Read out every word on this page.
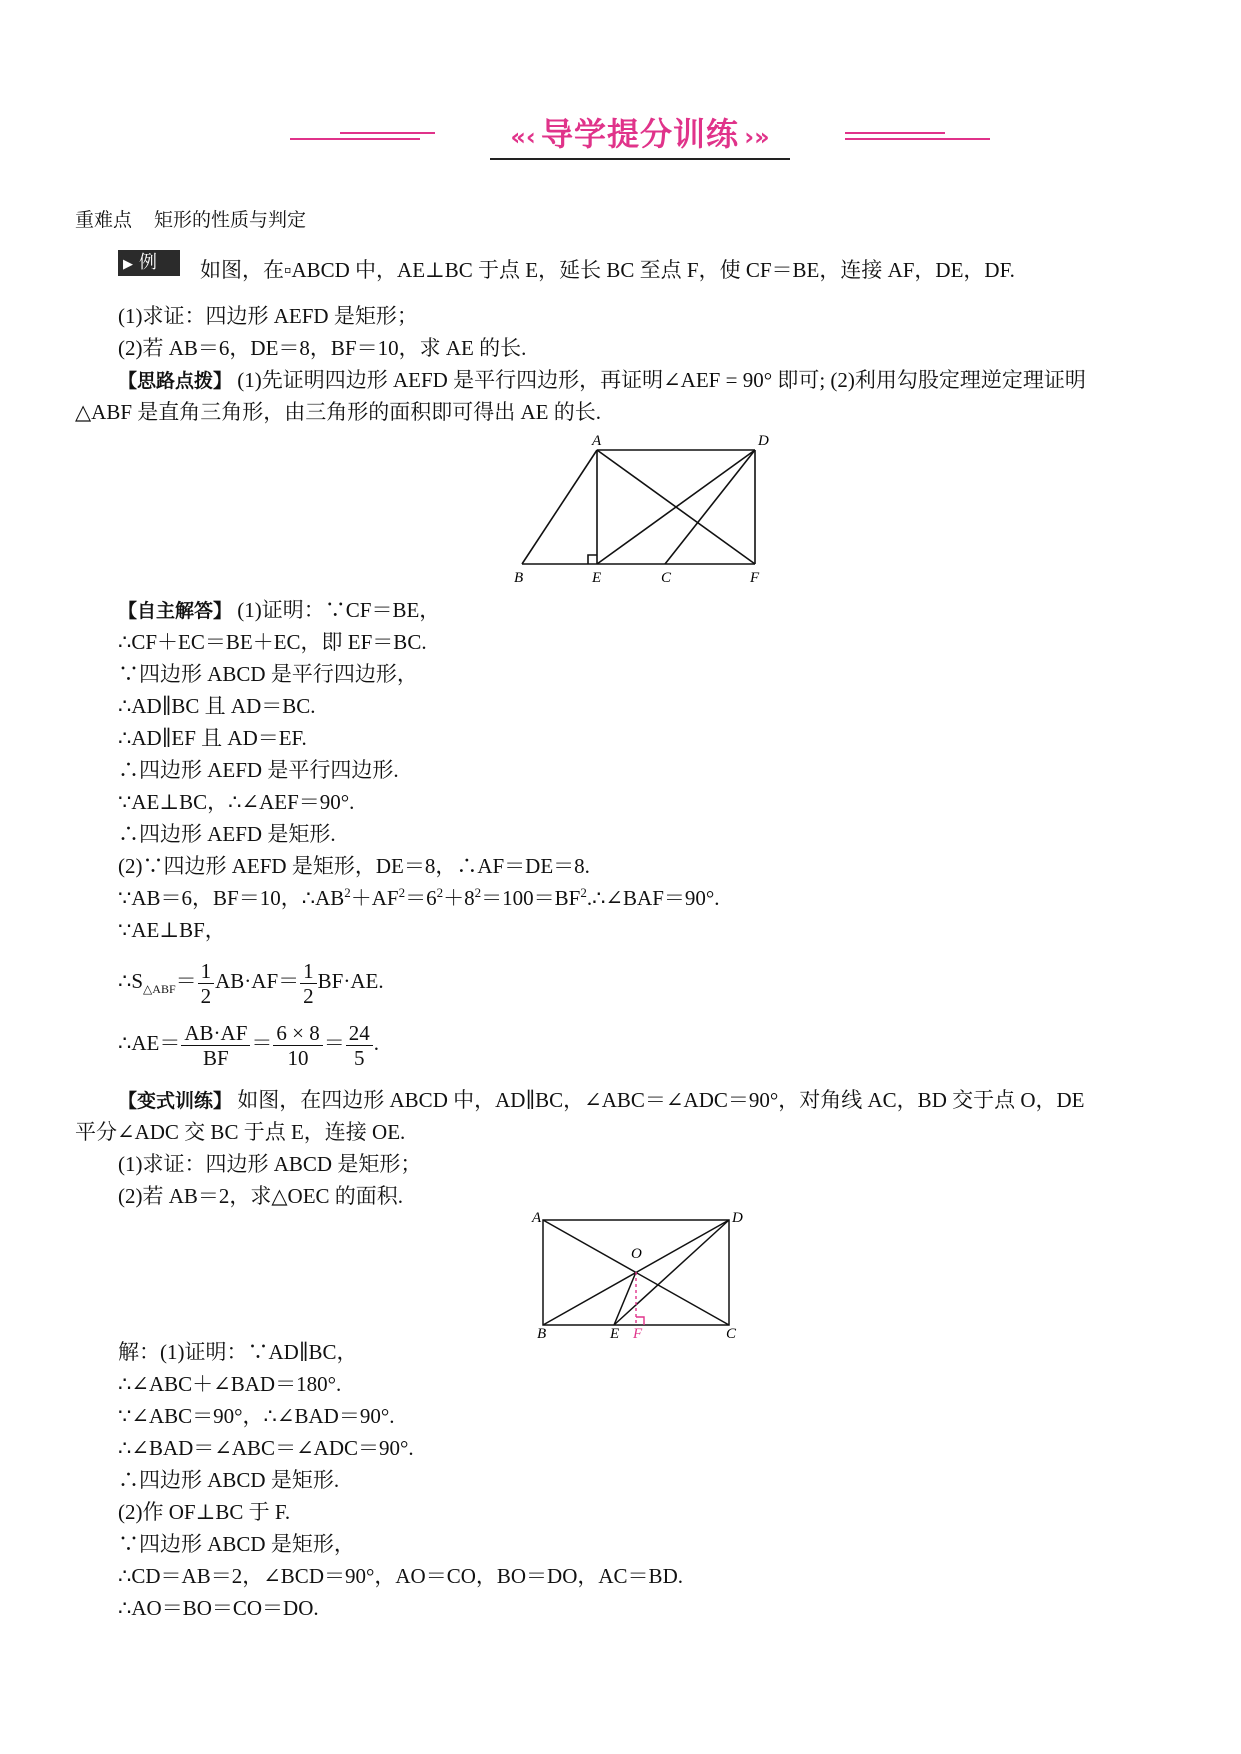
«‹ 导学提分训练 ›»
重难点 矩形的性质与判定
▶ 例	如图，在▫ABCD 中，AE⊥BC 于点 E，延长 BC 至点 F，使 CF＝BE，连接 AF，DE，DF.
(1)求证：四边形 AEFD 是矩形；
(2)若 AB＝6，DE＝8，BF＝10，求 AE 的长.
【思路点拨】 (1)先证明四边形 AEFD 是平行四边形，再证明∠AEF = 90° 即可; (2)利用勾股定理逆定理证明
△ABF 是直角三角形，由三角形的面积即可得出 AE 的长.
A	D
B	E	C	F
【自主解答】 (1)证明：∵CF＝BE，
∴CF＋EC＝BE＋EC，即 EF＝BC.
∵四边形 ABCD 是平行四边形，
∴AD∥BC 且 AD＝BC.
∴AD∥EF 且 AD＝EF.
∴四边形 AEFD 是平行四边形.
∵AE⊥BC，∴∠AEF＝90°.
∴四边形 AEFD 是矩形.
(2)∵四边形 AEFD 是矩形，DE＝8，∴AF＝DE＝8.
∵AB＝6，BF＝10，$\therefore AB^2+AF^2=6^2+8^2=100=BF^2.\therefore\angle BAF=90^\circ$.
∵AE⊥BF，
$\therefore S_{\triangle ABF}= \frac{1}{2} AB\cdot AF= \frac{1}{2} BF\cdot AE$.
∴AE＝ $\frac{AB\cdot AF}{BF} = \frac{6 \times 8}{10} = \frac{24}{5}$ .
【变式训练】 如图，在四边形 ABCD 中，AD∥BC，∠ABC＝∠ADC＝90°，对角线 AC，BD 交于点 O，DE
平分∠ADC 交 BC 于点 E，连接 OE.
(1)求证：四边形 ABCD 是矩形；
(2)若 AB＝2，求△OEC 的面积.
A	D
O
B	E F	C
解：(1)证明：∵AD∥BC，
∴∠ABC＋∠BAD＝180°.
∵∠ABC＝90°，∴∠BAD＝90°.
∴∠BAD＝∠ABC＝∠ADC＝90°.
∴四边形 ABCD 是矩形.
(2)作 OF⊥BC 于 F.
∵四边形 ABCD 是矩形，
∴CD＝AB＝2，∠BCD＝90°，AO＝CO，BO＝DO，AC＝BD.
∴AO＝BO＝CO＝DO.
